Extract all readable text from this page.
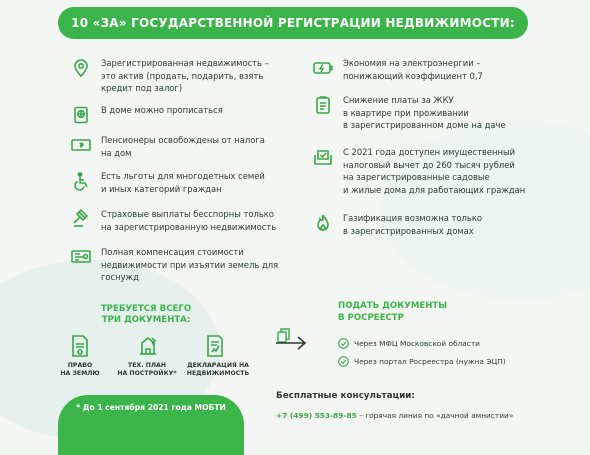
10 «ЗА» ГОСУДАРСТВЕННОЙ РЕГИСТРАЦИИ НЕДВИЖИМОСТИ:
Зарегистрированная недвижимость –
это актив (продать, подарить, взять
кредит под залог)
В доме можно прописаться
Пенсионеры освобождены от налога
на дом
Есть льготы для многодетных семей
и иных категорий граждан
Страховые выплаты бесспорны только
на зарегистрированную недвижимость
Полная компенсация стоимости
недвижимости при изъятии земель для
госнужд
Экономия на электроэнергии –
понижающий коэффициент 0,7
Снижение платы за ЖКУ
в квартире при проживании
в зарегистрированном доме на даче
С 2021 года доступен имущественный
налоговый вычет до 260 тысяч рублей
на зарегистрированные садовые
и жилые дома для работающих граждан
Газификация возможна только
в зарегистрированных домах
ТРЕБУЕТСЯ ВСЕГО
ТРИ ДОКУМЕНТА:
ПРАВО
НА ЗЕМЛЮ
ТЕХ. ПЛАН
НА ПОСТРОЙКУ*
ДЕКЛАРАЦИЯ НА
НЕДВИЖИМОСТЬ
ПОДАТЬ ДОКУМЕНТЫ
В РОСРЕЕСТР
Через МФЦ Московской области
Через портал Росреестра (нужна ЭЦП)
Бесплатные консультации:
+7 (499) 553-89-85 – горячая линия по «дачной амнистии»
* До 1 сентября 2021 года МОБТИ
